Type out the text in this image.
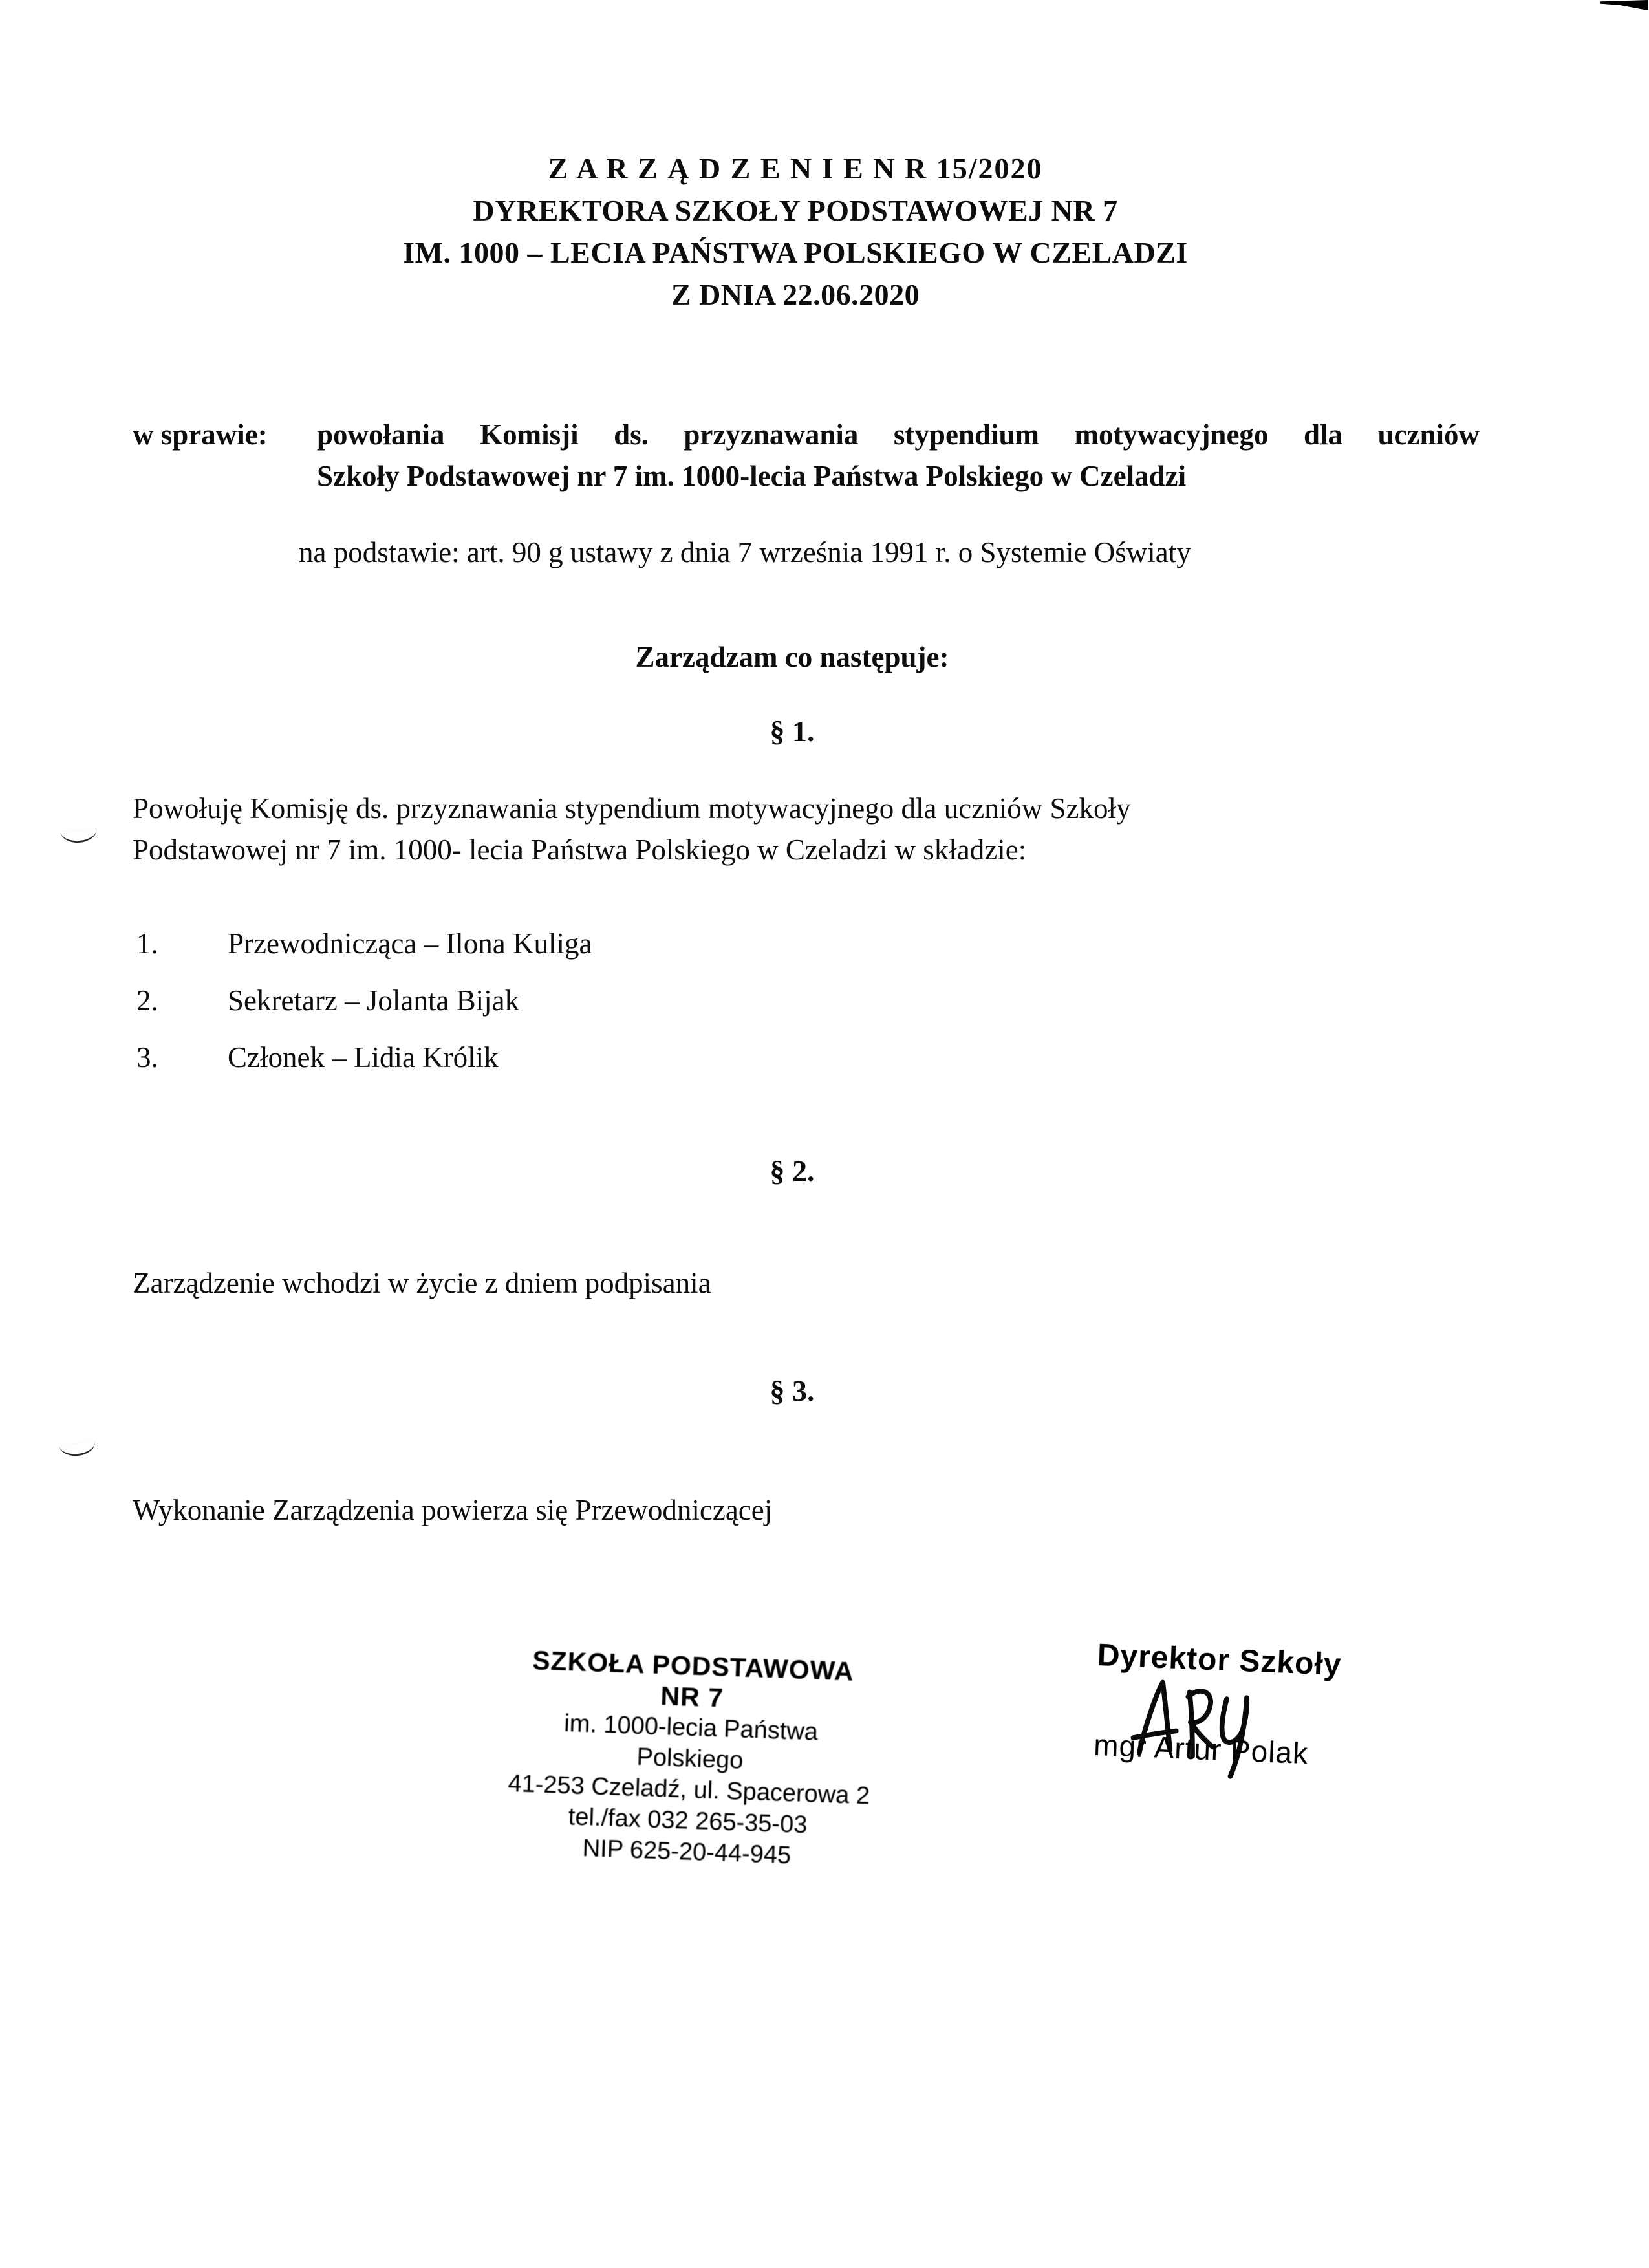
Z A R Z Ą D Z E N I E N R 15/2020
DYREKTORA SZKOŁY PODSTAWOWEJ NR 7
IM. 1000 – LECIA PAŃSTWA POLSKIEGO W CZELADZI
Z DNIA 22.06.2020
w sprawie:	powołania Komisji ds. przyznawania stypendium motywacyjnego dla uczniów
Szkoły Podstawowej nr 7 im. 1000-lecia Państwa Polskiego w Czeladzi
na podstawie: art. 90 g ustawy z dnia 7 września 1991 r. o Systemie Oświaty
Zarządzam co następuje:
§ 1.
Powołuję Komisję ds. przyznawania stypendium motywacyjnego dla uczniów Szkoły
Podstawowej nr 7 im. 1000- lecia Państwa Polskiego w Czeladzi w składzie:
1.	Przewodnicząca – Ilona Kuliga
2.	Sekretarz – Jolanta Bijak
3.	Członek – Lidia Królik
§ 2.
Zarządzenie wchodzi w życie z dniem podpisania
§ 3.
Wykonanie Zarządzenia powierza się Przewodniczącej
SZKOŁA PODSTAWOWA NR 7
im. 1000-lecia Państwa Polskiego
41-253 Czeladź, ul. Spacerowa 2
tel./fax 032 265-35-03
NIP 625-20-44-945
Dyrektor Szkoły
mgr Artur Polak
